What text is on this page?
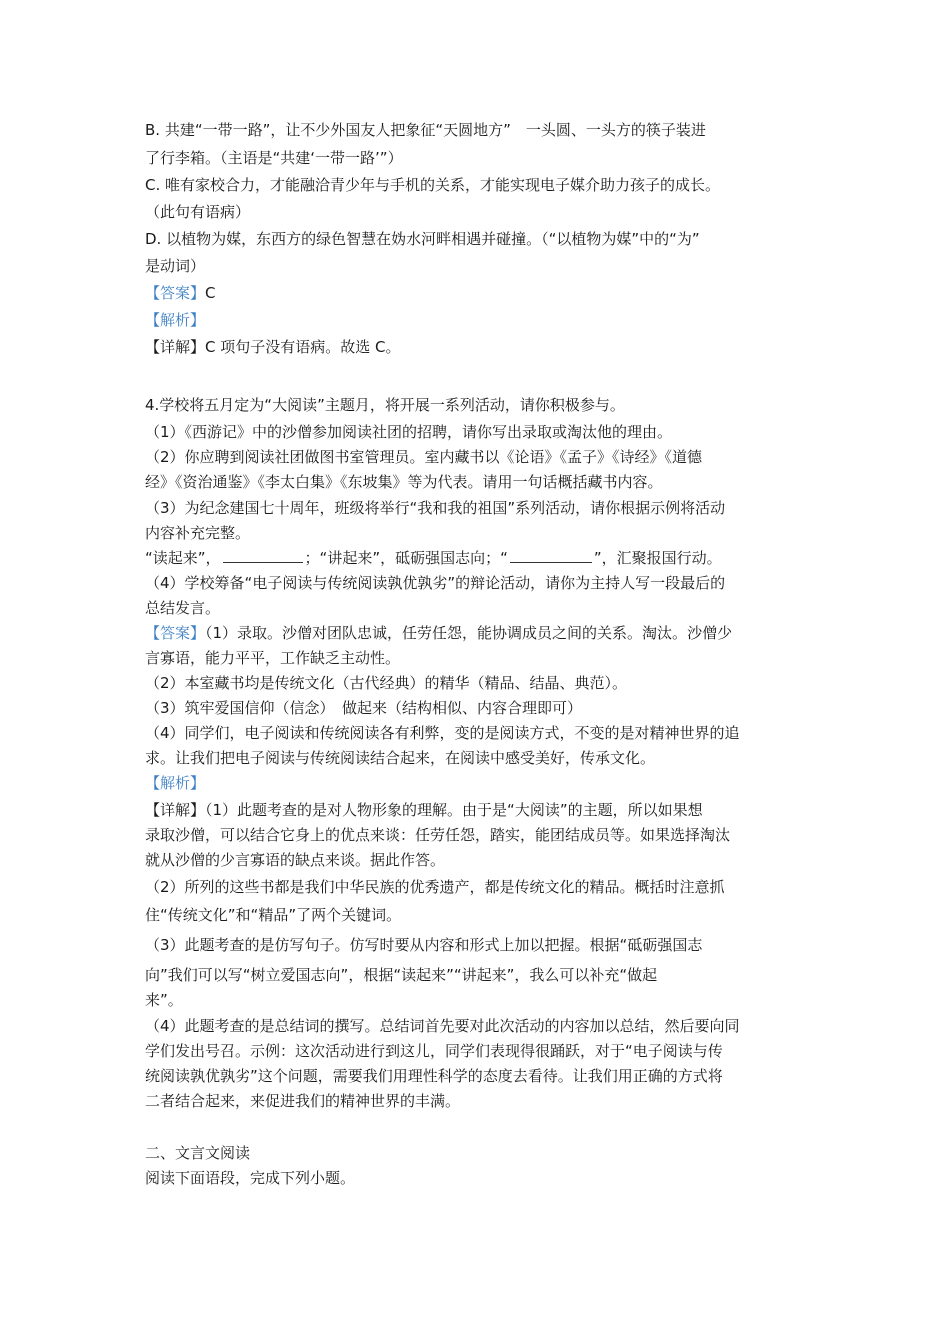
B. 共建“一带一路”，让不少外国友人把象征“天圆地方”　一头圆、一头方的筷子装进
了行李箱。（主语是“共建‘一带一路’”）
C. 唯有家校合力，才能融洽青少年与手机的关系，才能实现电子媒介助力孩子的成长。
（此句有语病）
D. 以植物为媒，东西方的绿色智慧在妫水河畔相遇并碰撞。（“以植物为媒”中的“为”
是动词）
【答案】C
【解析】
【详解】C 项句子没有语病。故选 C。
4.学校将五月定为“大阅读”主题月，将开展一系列活动，请你积极参与。
（1）《西游记》中的沙僧参加阅读社团的招聘，请你写出录取或淘汰他的理由。
（2）你应聘到阅读社团做图书室管理员。室内藏书以《论语》《孟子》《诗经》《道德
经》《资治通鉴》《李太白集》《东坡集》等为代表。请用一句话概括藏书内容。
（3）为纪念建国七十周年，班级将举行“我和我的祖国”系列活动，请你根据示例将活动
内容补充完整。
“读起来”，	；“讲起来”，砥砺强国志向；“	”，汇聚报国行动。
（4）学校筹备“电子阅读与传统阅读孰优孰劣”的辩论活动，请你为主持人写一段最后的
总结发言。
【答案】（1）录取。沙僧对团队忠诚，任劳任怨，能协调成员之间的关系。淘汰。沙僧少
言寡语，能力平平，工作缺乏主动性。
（2）本室藏书均是传统文化（古代经典）的精华（精品、结晶、典范）。
（3）筑牢爱国信仰（信念）　做起来（结构相似、内容合理即可）
（4）同学们，电子阅读和传统阅读各有利弊，变的是阅读方式，不变的是对精神世界的追
求。让我们把电子阅读与传统阅读结合起来，在阅读中感受美好，传承文化。
【解析】
【详解】（1）此题考查的是对人物形象的理解。由于是“大阅读”的主题，所以如果想
录取沙僧，可以结合它身上的优点来谈：任劳任怨，踏实，能团结成员等。如果选择淘汰
就从沙僧的少言寡语的缺点来谈。据此作答。
（2）所列的这些书都是我们中华民族的优秀遗产，都是传统文化的精品。概括时注意抓
住“传统文化”和“精品”了两个关键词。
（3）此题考查的是仿写句子。仿写时要从内容和形式上加以把握。根据“砥砺强国志
向”我们可以写“树立爱国志向”，根据“读起来”“讲起来”，我么可以补充“做起
来”。
（4）此题考查的是总结词的撰写。总结词首先要对此次活动的内容加以总结，然后要向同
学们发出号召。示例：这次活动进行到这儿，同学们表现得很踊跃，对于“电子阅读与传
统阅读孰优孰劣”这个问题，需要我们用理性科学的态度去看待。让我们用正确的方式将
二者结合起来，来促进我们的精神世界的丰满。
二、文言文阅读
阅读下面语段，完成下列小题。
